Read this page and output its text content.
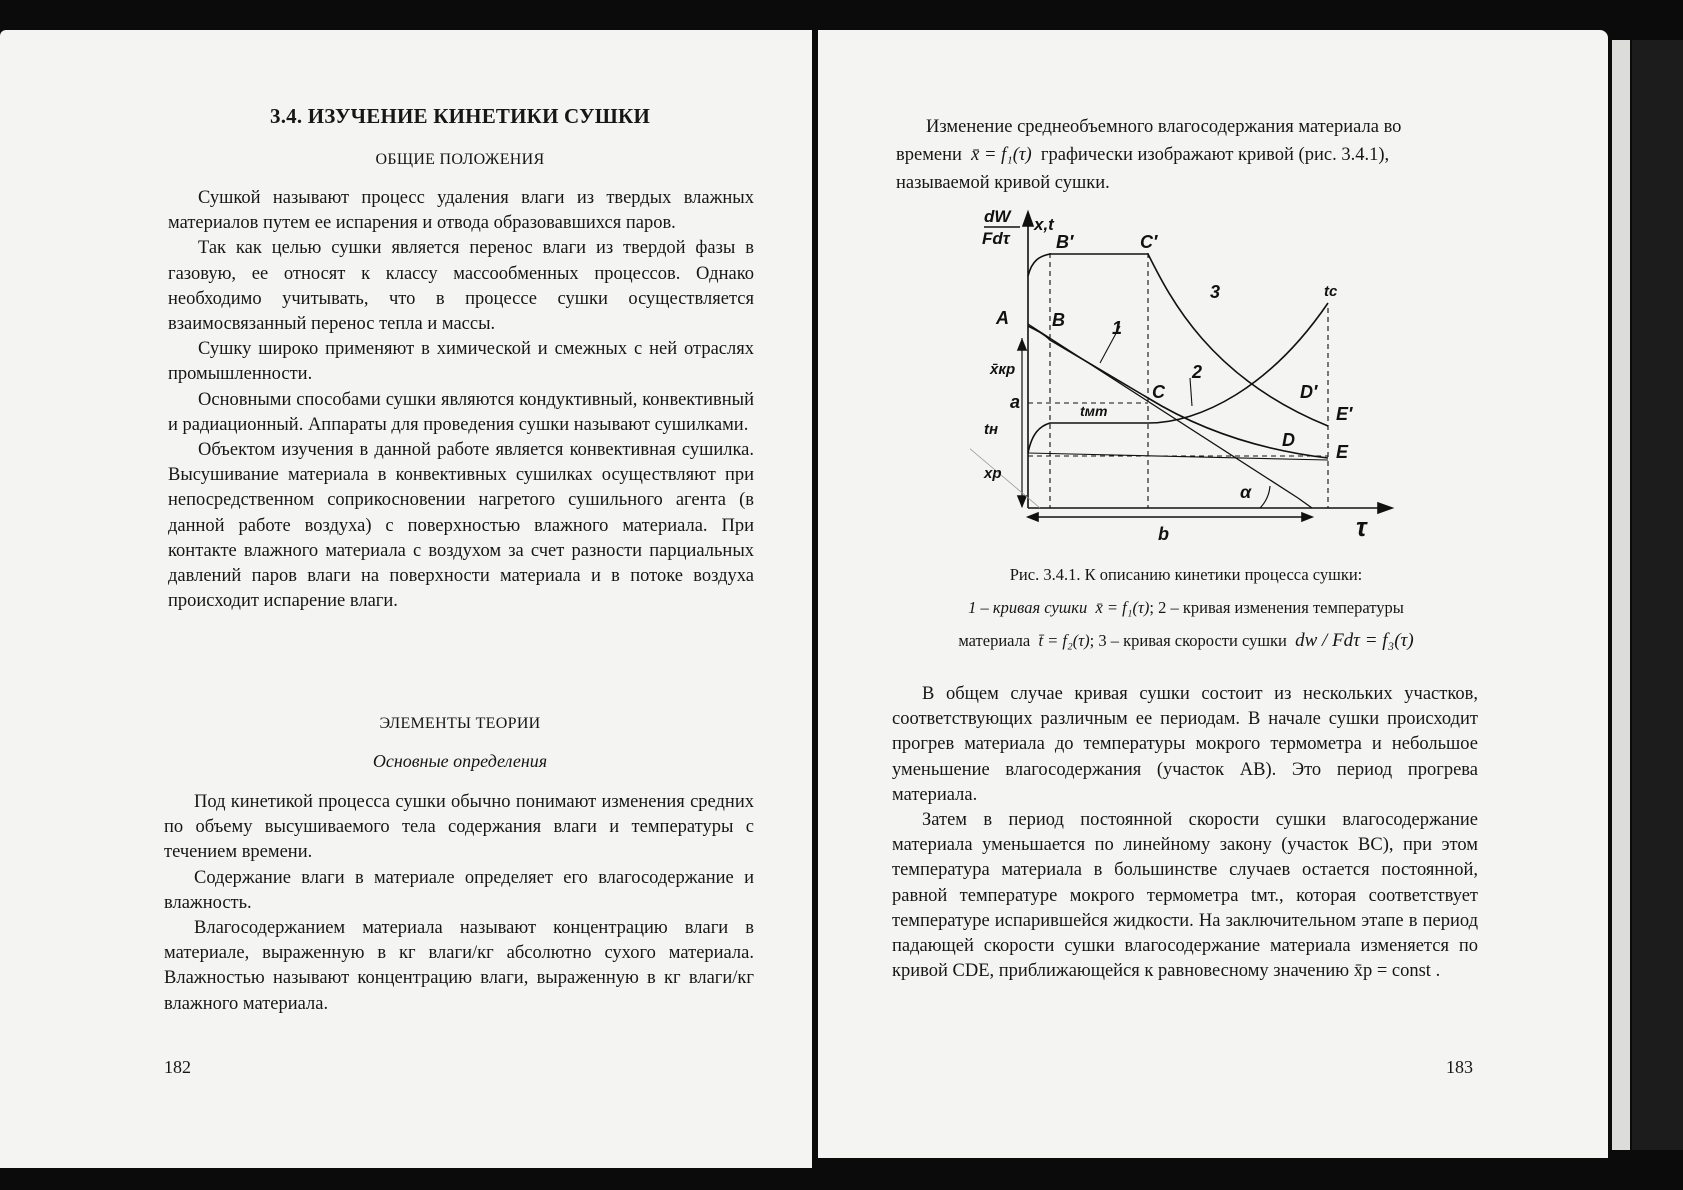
3.4. ИЗУЧЕНИЕ КИНЕТИКИ СУШКИ
ОБЩИЕ ПОЛОЖЕНИЯ

Сушкой называют процесс удаления влаги из твердых влажных материалов путем ее испарения и отвода образовавшихся паров.

Так как целью сушки является перенос влаги из твердой фазы в газовую, ее относят к классу массообменных процессов. Однако необходимо учитывать, что в процессе сушки осуществляется взаимосвязанный перенос тепла и массы.

Сушку широко применяют в химической и смежных с ней отраслях промышленности.

Основными способами сушки являются кондуктивный, конвективный и радиационный. Аппараты для проведения сушки называют сушилками.

Объектом изучения в данной работе является конвективная сушилка. Высушивание материала в конвективных сушилках осуществляют при непосредственном соприкосновении нагретого сушильного агента (в данной работе воздуха) с поверхностью влажного материала. При контакте влажного материала с воздухом за счет разности парциальных давлений паров влаги на поверхности материала и в потоке воздуха происходит испарение влаги.

ЭЛЕМЕНТЫ ТЕОРИИ
Основные определения

Под кинетикой процесса сушки обычно понимают изменения средних по объему высушиваемого тела содержания влаги и температуры с течением времени.

Содержание влаги в материале определяет его влагосодержание и влажность.

Влагосодержанием материала называют концентрацию влаги в материале, выраженную в кг влаги/кг абсолютно сухого материала. Влажностью называют концентрацию влаги, выраженную в кг влаги/кг влажного материала.

182

Изменение среднеобъемного влагосодержания материала во

времени x̄ = f₁(τ) графически изображают кривой (рис. 3.4.1),
называемой кривой сушки.
dW
Fdτ
x,t
B′	C′
3	tc
A B	1
x̄кр
C
2
D′
a	tмт	E′
tн
D
E
xр
α
b	τ
Рис. 3.4.1. К описанию кинетики процесса сушки:
1 – кривая сушки x̄ = f₁(τ); 2 – кривая изменения температуры
материала t̄ = f₂(τ); 3 – кривая скорости сушки dw / Fdτ = f₃(τ)

В общем случае кривая сушки состоит из нескольких участков, соответствующих различным ее периодам. В начале сушки происходит прогрев материала до температуры мокрого термометра и небольшое уменьшение влагосодержания (участок АВ). Это период прогрева материала.

Затем в период постоянной скорости сушки влагосодержание материала уменьшается по линейному закону (участок ВС), при этом температура материала в большинстве случаев остается постоянной, равной температуре мокрого термометра tмт., которая соответствует температуре испарившейся жидкости. На заключительном этапе в период падающей скорости сушки влагосодержание материала изменяется по кривой CDE, приближающейся к равновесному значению x̄р = const .

183
